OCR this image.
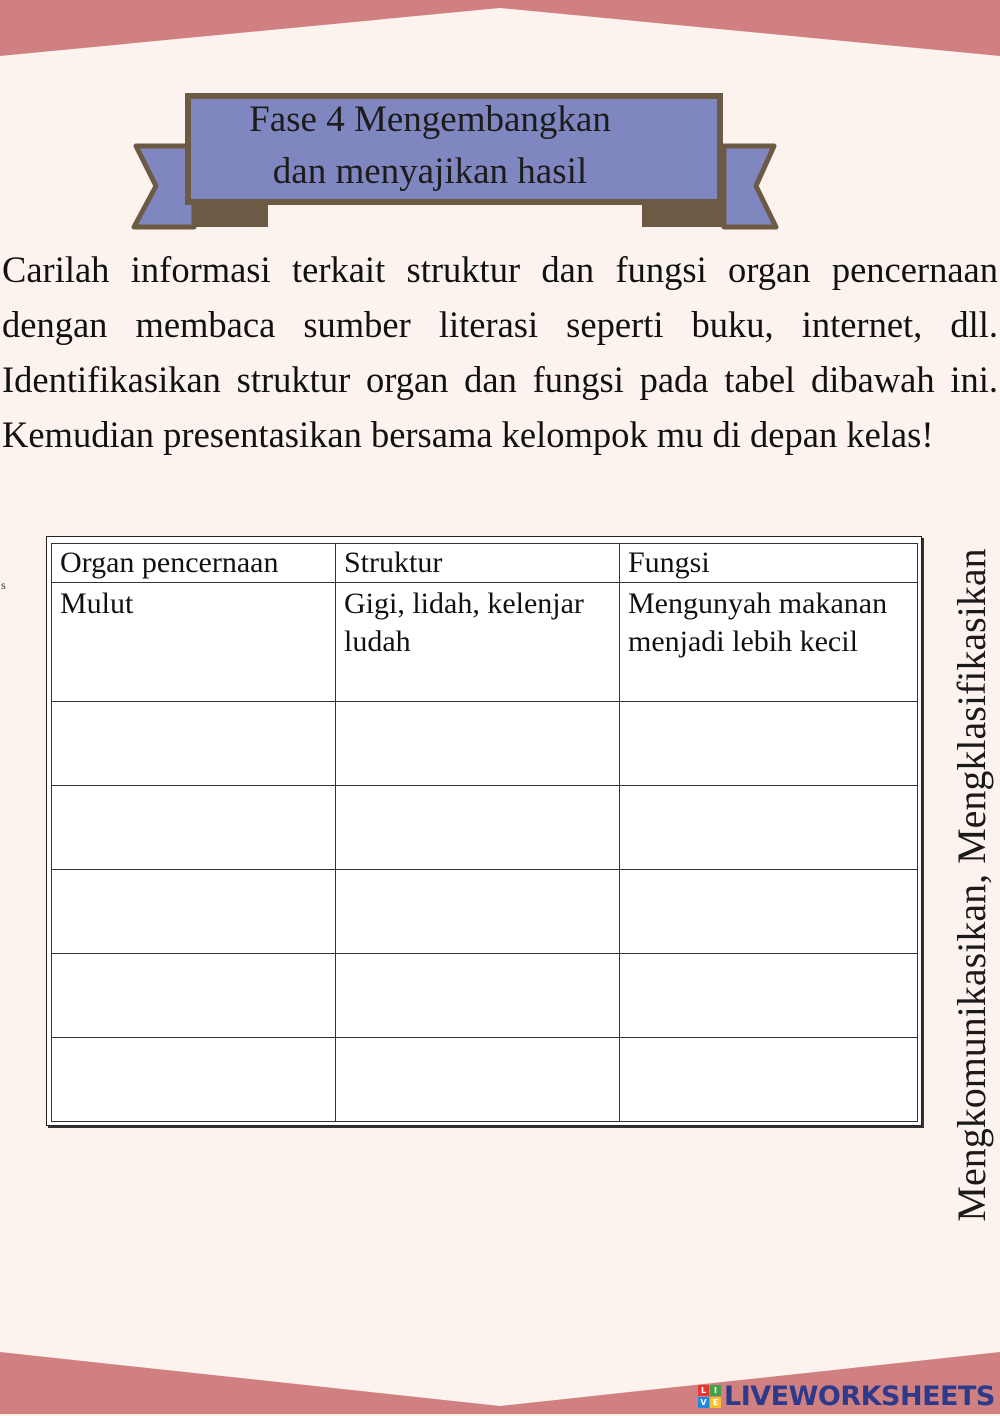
Fase 4 Mengembangkan
dan menyajikan hasil

Carilah informasi terkait struktur dan fungsi organ pencernaan dengan membaca sumber literasi seperti buku, internet, dll. Identifikasikan struktur organ dan fungsi pada tabel dibawah ini. Kemudian presentasikan bersama kelompok mu di depan kelas!

s
Organ pencernaan	Struktur	Fungsi
Mulut	Gigi, lidah, kelenjar ludah	Mengunyah makanan menjadi lebih kecil

		Mengkomunikasikan, Mengklasifikasikan
L I
V E LIVEWORKSHEETS
